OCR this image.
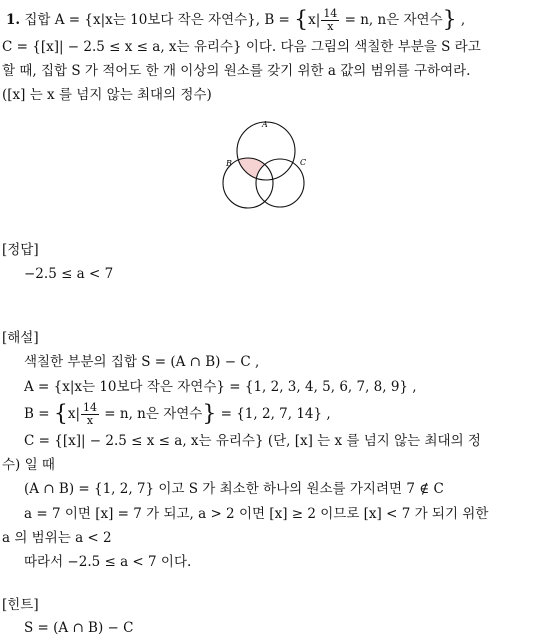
1. 집합 A = {x|x는 10보다 작은 자연수}, $B = \{x| \frac{14}{x} = n$, n은 자연수} ,
C = {[x]| − 2.5 ≤ x ≤ a, x는 유리수} 이다. 다음 그림의 색칠한 부분을 S 라고
할 때, 집합 S 가 적어도 한 개 이상의 원소를 갖기 위한 a 값의 범위를 구하여라.
([x] 는 x 를 넘지 않는 최대의 정수)
A
B	C
[정답]
−2.5 ≤ a < 7
[해설]
색칠한 부분의 집합 S = (A ∩ B) − C ,
A = {x|x는 10보다 작은 자연수} = {1, 2, 3, 4, 5, 6, 7, 8, 9} ,
$B = \{x| \frac{14}{x} = n$, n은 자연수} = {1, 2, 7, 14} ,
C = {[x]| − 2.5 ≤ x ≤ a, x는 유리수} (단, [x] 는 x 를 넘지 않는 최대의 정
수) 일 때
(A ∩ B) = {1, 2, 7} 이고 S 가 최소한 하나의 원소를 가지려면 7 ∉ C
a = 7 이면 [x] = 7 가 되고, a > 2 이면 [x] ≥ 2 이므로 [x] < 7 가 되기 위한
a 의 범위는 a < 2
따라서 −2.5 ≤ a < 7 이다.
[힌트]
S = (A ∩ B) − C
